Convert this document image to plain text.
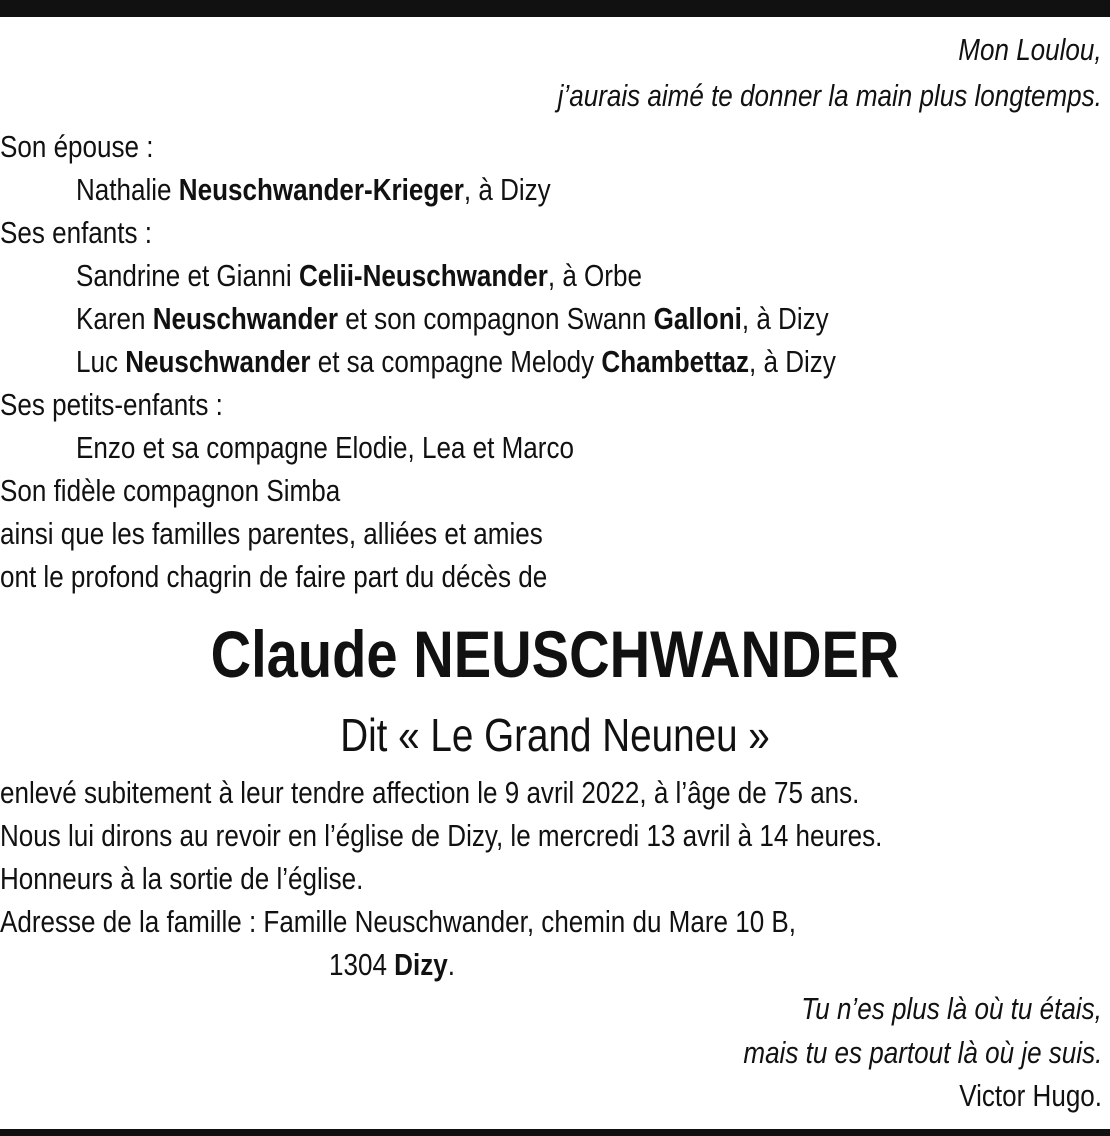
Mon Loulou,
j’aurais aimé te donner la main plus longtemps.
Son épouse :
Nathalie Neuschwander-Krieger, à Dizy
Ses enfants :
Sandrine et Gianni Celii-Neuschwander, à Orbe
Karen Neuschwander et son compagnon Swann Galloni, à Dizy
Luc Neuschwander et sa compagne Melody Chambettaz, à Dizy
Ses petits-enfants :
Enzo et sa compagne Elodie, Lea et Marco
Son fidèle compagnon Simba
ainsi que les familles parentes, alliées et amies
ont le profond chagrin de faire part du décès de
Claude NEUSCHWANDER
Dit « Le Grand Neuneu »
enlevé subitement à leur tendre affection le 9 avril 2022, à l’âge de 75 ans.
Nous lui dirons au revoir en l’église de Dizy, le mercredi 13 avril à 14 heures.
Honneurs à la sortie de l’église.
Adresse de la famille : Famille Neuschwander, chemin du Mare 10 B,
1304 Dizy.
Tu n’es plus là où tu étais,
mais tu es partout là où je suis.
Victor Hugo.
